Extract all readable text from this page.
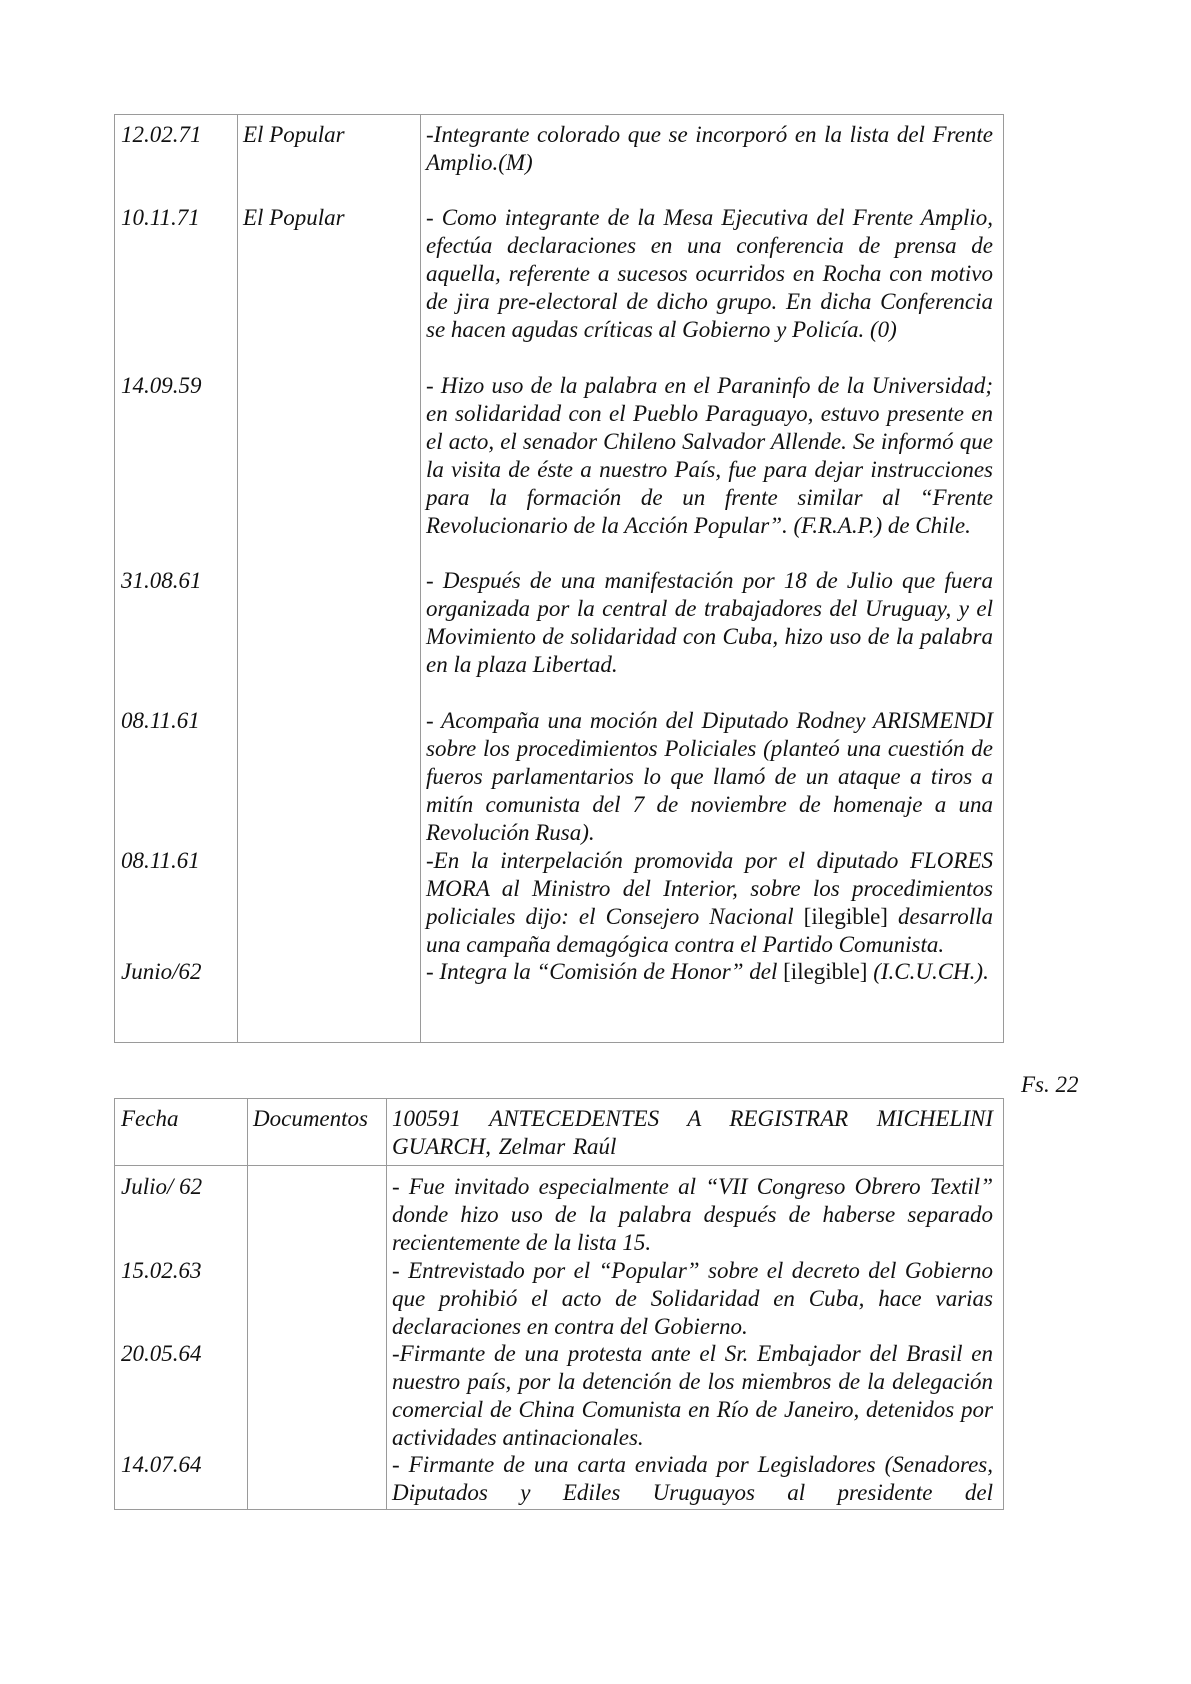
12.02.71
10.11.71
14.09.59
31.08.61
08.11.61
08.11.61
Junio/62
El Popular
El Popular
-Integrante colorado que se incorporó en la lista del Frente Amplio.(M)
- Como integrante de la Mesa Ejecutiva del Frente Amplio, efectúa declaraciones en una conferencia de prensa de aquella, referente a sucesos ocurridos en Rocha con motivo de jira pre-electoral de dicho grupo. En dicha Conferencia se hacen agudas críticas al Gobierno y Policía. (0)
- Hizo uso de la palabra en el Paraninfo de la Universidad; en solidaridad con el Pueblo Paraguayo, estuvo presente en el acto, el senador Chileno Salvador Allende. Se informó que la visita de éste a nuestro País, fue para dejar instrucciones para la formación de un frente similar al “Frente Revolucionario de la Acción Popular”. (F.R.A.P.) de Chile.
- Después de una manifestación por 18 de Julio que fuera organizada por la central de trabajadores del Uruguay, y el Movimiento de solidaridad con Cuba, hizo uso de la palabra en la plaza Libertad.
- Acompaña una moción del Diputado Rodney ARISMENDI sobre los procedimientos Policiales (planteó una cuestión de fueros parlamentarios lo que llamó de un ataque a tiros a mitín comunista del 7 de noviembre de homenaje a una Revolución Rusa).
-En la interpelación promovida por el diputado FLORES MORA al Ministro del Interior, sobre los procedimientos policiales dijo: el Consejero Nacional [ilegible] desarrolla una campaña demagógica contra el Partido Comunista.
- Integra la “Comisión de Honor” del [ilegible] (I.C.U.CH.).
Fs. 22
Fecha	Documentos 100591 ANTECEDENTES A REGISTRAR MICHELINI GUARCH, Zelmar Raúl
Julio/ 62
15.02.63
20.05.64
14.07.64
- Fue invitado especialmente al “VII Congreso Obrero Textil” donde hizo uso de la palabra después de haberse separado recientemente de la lista 15.
- Entrevistado por el “Popular” sobre el decreto del Gobierno que prohibió el acto de Solidaridad en Cuba, hace varias declaraciones en contra del Gobierno.
-Firmante de una protesta ante el Sr. Embajador del Brasil en nuestro país, por la detención de los miembros de la delegación comercial de China Comunista en Río de Janeiro, detenidos por actividades antinacionales.
- Firmante de una carta enviada por Legisladores (Senadores, Diputados y Ediles Uruguayos al presidente del
